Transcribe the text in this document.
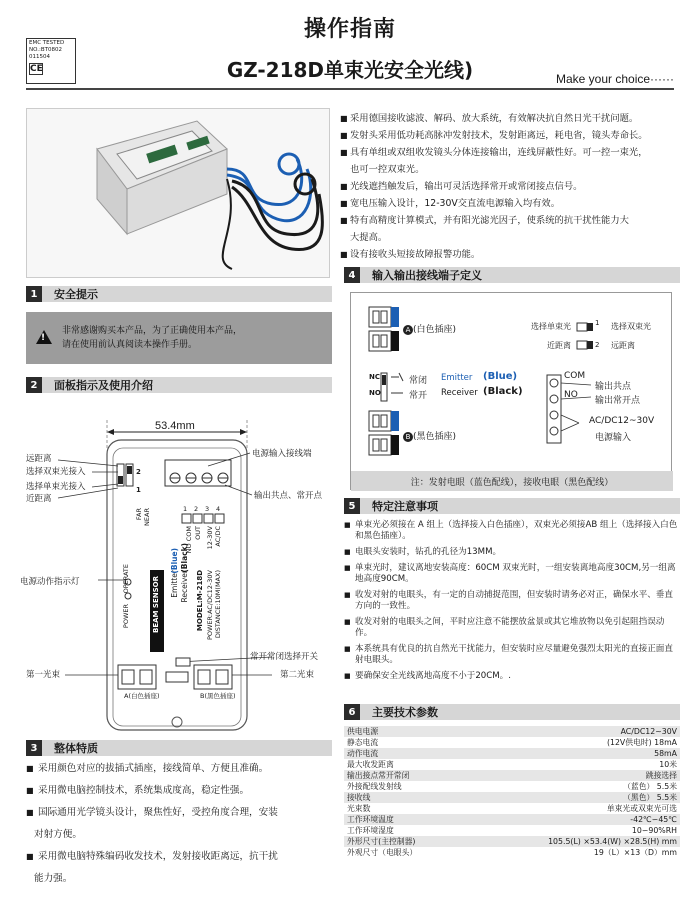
EMC TESTED
NO.:BT0802
011504
CE
操作指南
GZ-218D单束光安全光线)	Make your choice······
■ 采用德国接收滤波、解码、放大系统，有效解决抗自然日光干扰问题。
■ 发射头采用低功耗高脉冲发射技术，发射距离远，耗电省，镜头寿命长。
■ 具有单组或双组收发镜头分体连接输出，连线屏蔽性好。可一控一束光，
也可一控双束光。
■ 光线遮挡触发后，输出可灵活选择常开或常闭接点信号。
■ 宽电压输入设计，12-30V交直流电源输入均有效。
■ 特有高精度计算模式，并有阳光滤光因子，使系统的抗干扰性能力大
大提高。
■ 设有接收头短接故障报警功能。
1	安全提示
非常感谢购买本产品，为了正确使用本产品，
请在使用前认真阅读本操作手册。
!
2	面板指示及使用介绍
53.4mm
远距离
选择双束光接入
选择单束光接入
近距离
电源输入接线端
输出共点、常开点
电源动作指示灯
第一光束
常开常闭选择开关
第二光束
1
2
NEAR
FAR	1 2 3 4
NO COM 12-30V AC/DC
OUT
BEAM SENSOR Emitter
(Blue)
Receiver
(Black)
MODEL:M-218D POWER:AC/DC12-30V DISTANCE:10M(MAX)
OPERATE
POWER
A(白色插座)	B(黑色插座)
3	整体特质
■ 采用颜色对应的拔插式插座，接线简单、方便且准确。
■ 采用微电脑控制技术，系统集成度高，稳定性强。
■ 国际通用光学镜头设计，聚焦性好，受控角度合理，安装
对射方便。
■ 采用微电脑特殊编码收发技术，发射接收距离远，抗干扰
能力强。
4	输入输出接线端子定义
A (白色插座)
B (黑色插座)
选择单束光	选择双束光
近距离	远距离
1
2
NC
NO
常闭
常开
Emitter (Blue)
Receiver (Black)
COM
NO
输出共点
输出常开点
AC/DC12~30V
电源输入
注：发射电眼（蓝色配线），接收电眼（黑色配线）
5	特定注意事项
■ 单束光必须接在 A 组上（选择接入白色插座），双束光必须接AB 组上（选择接入白色和黑色插座）。
■ 电眼头安装时，钻孔的孔径为13MM。
■ 单束光时，建议离地安装高度：60CM 双束光时，一组安装离地高度30CM,另一组离地高度90CM。
■ 收发对射的电眼头，有一定的自动捕捉范围，但安装时请务必对正，确保水平、垂直方向的一致性。
■ 收发对射的电眼头之间，平时应注意不能摆放盆景或其它堆放物以免引起阻挡误动作。
■ 本系统具有优良的抗自然光干扰能力，但安装时应尽量避免强烈太阳光的直接正面直射电眼头。
■ 要确保安全光线离地高度不小于20CM。.
6	主要技术参数
供电电源	AC/DC12~30V
静态电流	(12V供电时) 18mA
动作电流	58mA
最大收发距离	10米
输出接点常开常闭	跳接选择
外接配线发射线	（蓝色） 5.5米
接收线	（黑色） 5.5米
光束数	单束光或双束光可选
工作环境温度	-42℃∽45℃
工作环境湿度	10∽90%RH
外形尺寸(主控制器)	105.5(L) ×53.4(W) ×28.5(H) mm
外观尺寸（电眼头）	19（L）×13（D）mm
